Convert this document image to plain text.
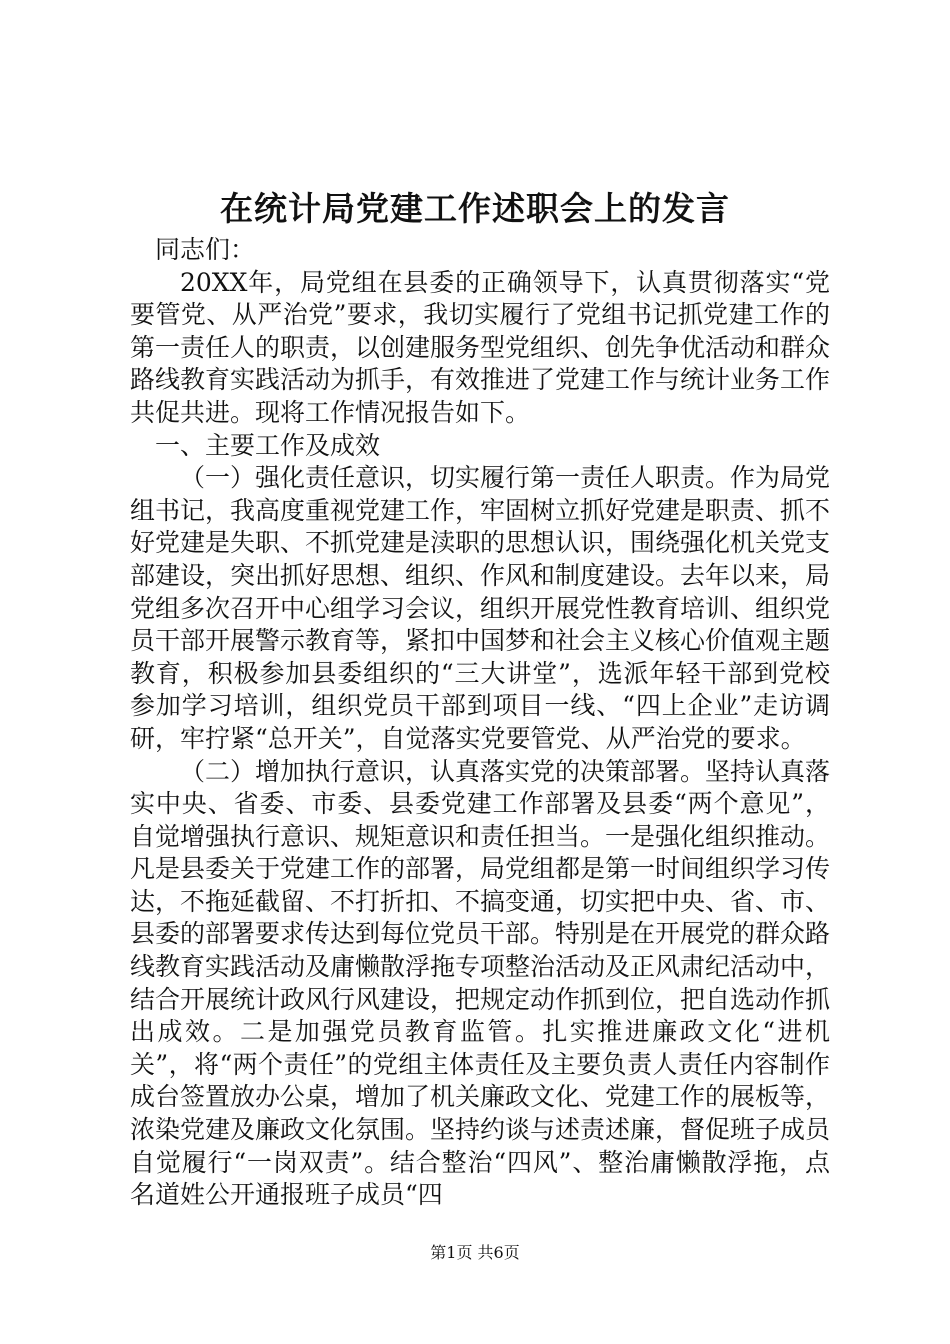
在统计局党建工作述职会上的发言

同志们：

20XX年，局党组在县委的正确领导下，认真贯彻落实“党要管党、从严治党”要求，我切实履行了党组书记抓党建工作的第一责任人的职责，以创建服务型党组织、创先争优活动和群众路线教育实践活动为抓手，有效推进了党建工作与统计业务工作共促共进。现将工作情况报告如下。

一、主要工作及成效

（一）强化责任意识，切实履行第一责任人职责。作为局党组书记，我高度重视党建工作，牢固树立抓好党建是职责、抓不好党建是失职、不抓党建是渎职的思想认识，围绕强化机关党支部建设，突出抓好思想、组织、作风和制度建设。去年以来，局党组多次召开中心组学习会议，组织开展党性教育培训、组织党员干部开展警示教育等，紧扣中国梦和社会主义核心价值观主题教育，积极参加县委组织的“三大讲堂”，选派年轻干部到党校参加学习培训，组织党员干部到项目一线、“四上企业”走访调研，牢拧紧“总开关”，自觉落实党要管党、从严治党的要求。

（二）增加执行意识，认真落实党的决策部署。坚持认真落实中央、省委、市委、县委党建工作部署及县委“两个意见”，自觉增强执行意识、规矩意识和责任担当。一是强化组织推动。凡是县委关于党建工作的部署，局党组都是第一时间组织学习传达，不拖延截留、不打折扣、不搞变通，切实把中央、省、市、县委的部署要求传达到每位党员干部。特别是在开展党的群众路线教育实践活动及庸懒散浮拖专项整治活动及正风肃纪活动中，结合开展统计政风行风建设，把规定动作抓到位，把自选动作抓出成效。二是加强党员教育监管。扎实推进廉政文化“进机关”，将“两个责任”的党组主体责任及主要负责人责任内容制作成台签置放办公桌，增加了机关廉政文化、党建工作的展板等，浓染党建及廉政文化氛围。坚持约谈与述责述廉，督促班子成员自觉履行“一岗双责”。结合整治“四风”、整治庸懒散浮拖，点名道姓公开通报班子成员“四

第1页 共6页
